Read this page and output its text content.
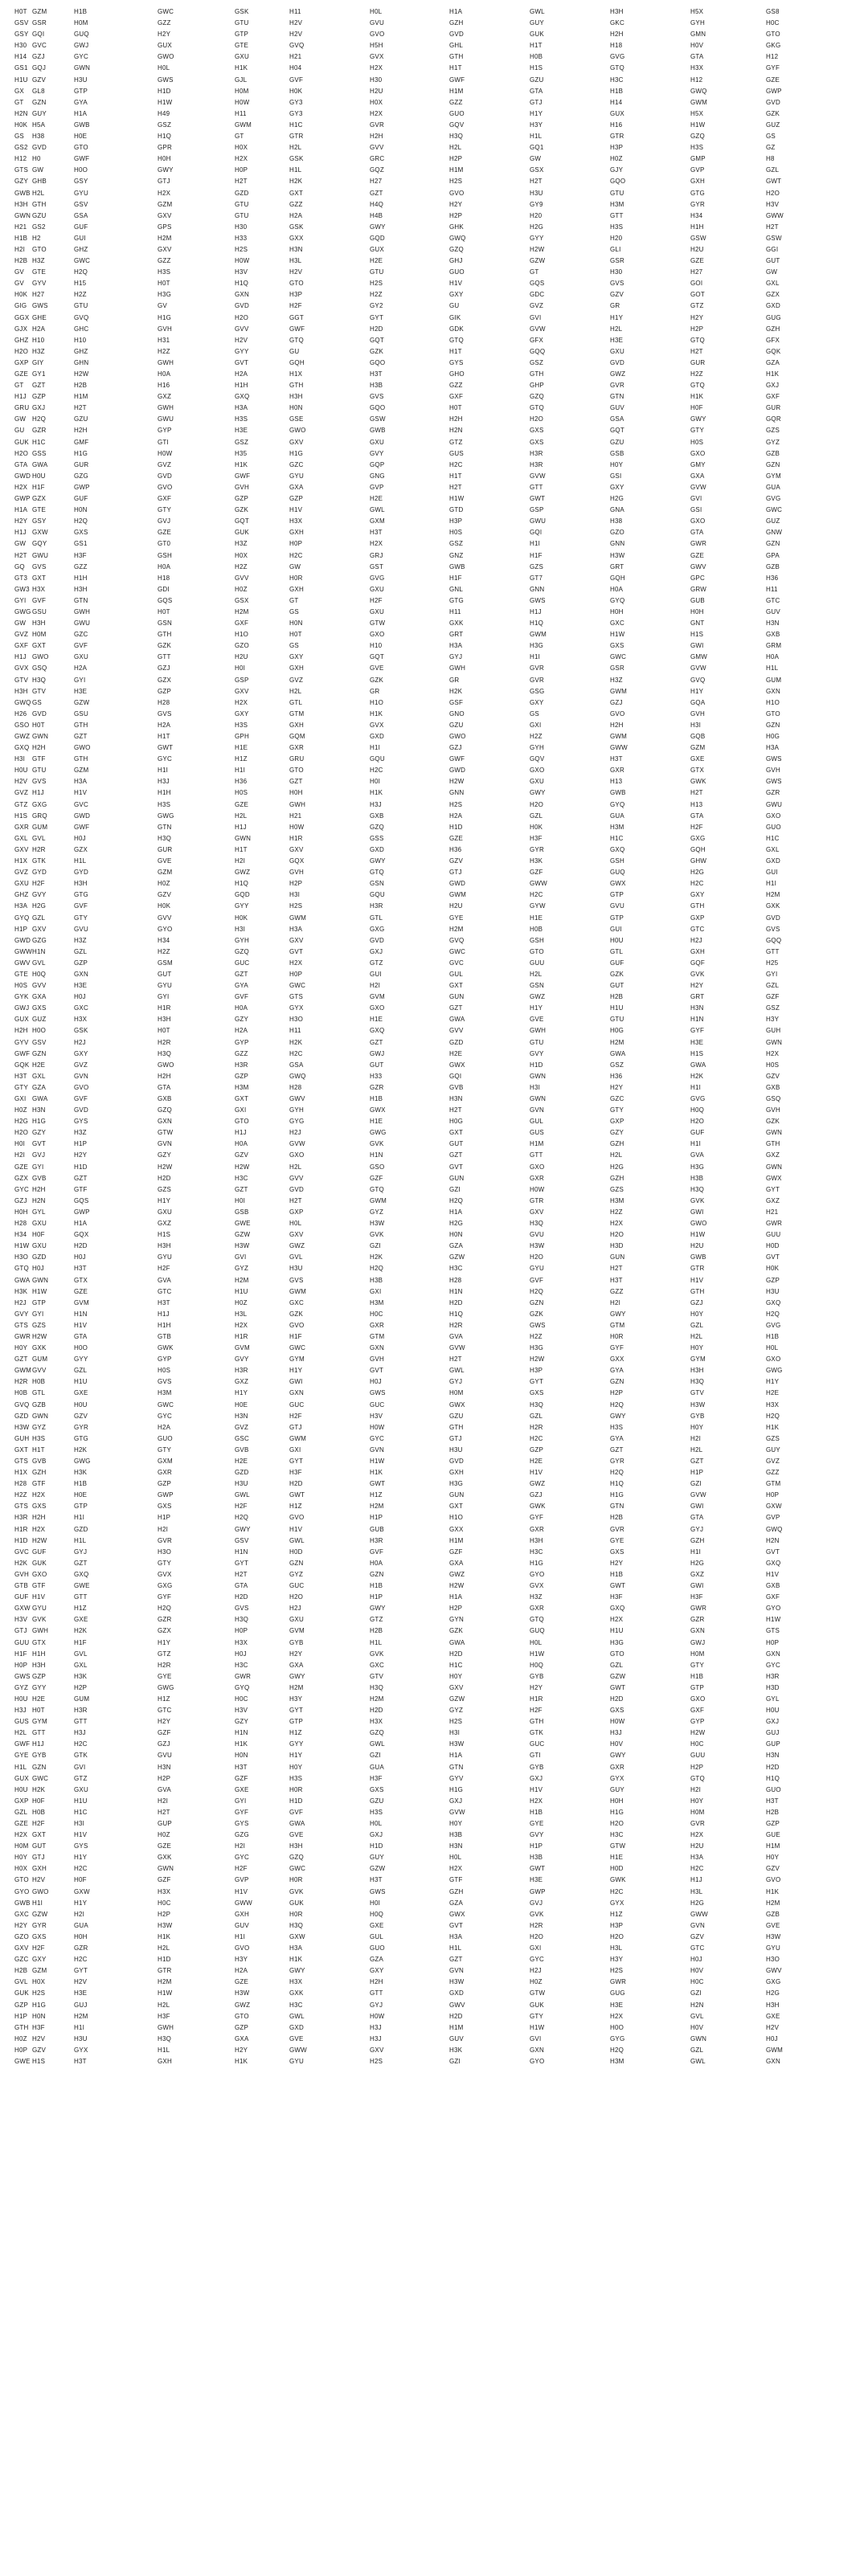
H0T GZM	H1B	GWC	GSK	H11	H0L	H1A	GWL	H3H	H5X	GS8
GSV GSR	H0M	GZZ	GTU	H2V	GVU	GZH	GUY	GKC	GYH	H0C
GSY GQI	GUQ	H2Y	GTP	H2V	GVO	GVD	GUK	H2H	GMN	GTO
H30 GVC	GWJ	GUX	GTE	GVQ	H5H	GHL	H1T	H18	H0V	GKG
H14 GZJ	GYC	GWO	GXU	H21	GVX	GTH	H0B	GVG	GTA	H12
GS1 GQJ	GWN	H0L	H1K	H04	H2X	H1T	H1S	GTQ	H3X	GYF
H1U GZV	H3U	GWS	GJL	GVF	H30	GWF	GZU	H3C	H12	GZE
GX	GL8	GTP	H1D	H0M	H0K	H2U	H1M	GTA	H1B	GWQ	GWP
GT	GZN	GYA	H1W	H0W	GY3	H0X	GZZ	GTJ	H14	GWM	GVD
H2N GUY	H1A	H49	H11	GY3	H2X	GUO	H1Y	GUX	H5X	GZK
H0K H5A	GWB	GSZ	GWM	H1C	GVR	GQV	H3Y	H16	H1W	GUZ
GS	H38	H0E	H1Q	GT	GTR	H2H	H3Q	H1L	GTR	GZQ	GS
GS2 GVD	GTO	GPR	H0X	H2L	GVV	H2L	GQ1	H3P	H3S	GZ
H12 H0	GWF	H0H	H2X	GSK	GRC	H2P	GW	H0Z	GMP	H8
GTS GW	H0O	GWY	H0P	H1L	GQZ	H1M	GSX	GJY	GVP	GZL
GZY GHB	GSY	GTJ	H2T	H2K	H27	H2S	H2T	GQO	GXH	GWT
GWB H2L	GYU	H2X	GZD	GXT	GZT	GVO	H3U	GTU	GTG	H2O
H3H GTH	GSV	GZM	GTU	GZZ	H4Q	H2Y	GY9	H3M	GYR	H3V
GWN GZU	GSA	GXV	GTU	H2A	H4B	H2P	H20	GTT	H34	GWW
H21 GS2	GUF	GPS	H30	GSK	GWY	GHK	H2G	H3S	H1H	H2T
H1B H2	GUI	H2M	H33	GXX	GQD	GWQ	GYY	H20	GSW	GSW
H2I	GTO	GHZ	GXV	H2S	H3N	GUX	GZQ	H2W	GLI	H2U	GGI
H2B H3Z	GWC	GZZ	H0W	H3L	H2E	GHJ	GZW	GSR	GZE	GUT
GV	GTE	H2Q	H3S	H3V	H2V	GTU	GUO	GT	H30	H27	GW
GV	GYV	H15	H0T	H1Q	GTO	H2S	H1V	GQS	GVS	GOI	GXL
H0K H27	H2Z	H3G	GXN	H3P	H2Z	GXY	GDC	GZV	GOT	GZX
GIG GWS	GTU	GV	GVD	H2F	GY2	GU	GVZ	GR	GTZ	GXD
GGX GHE	GVQ	H1G	H2O	GGT	GYT	GIK	GVI	H1Y	H2Y	GUG
GJX H2A	GHC	GVH	GVV	GWF	H2D	GDK	GVW	H2L	H2P	GZH
GHZ H10	H10	H31	H2V	GTQ	GQT	GTQ	GFX	H3E	GTQ	GFX
H2O H3Z	GHZ	H2Z	GYY	GU	GZK	H1T	GQQ	GXU	H2T	GQK
GXP GIY	GHN	GWH	GVT	GQH	GQO	GYS	GSZ	GVD	GUR	GZA
GZE GY1	H2W	H0A	H2A	H1X	H3T	GHO	GTH	GWZ	H2Z	H1K
GT	GZT	H2B	H16	H1H	GTH	H3B	GZZ	GHP	GVR	GTQ	GXJ
H1J GZP	H1M	GXZ	GXQ	H3H	GVS	GXF	GZQ	GTN	H1K	GXF
GRU GXJ	H2T	GWH	H3A	H0N	GQO	H0T	GTQ	GUV	H0F	GUR
GW H2Q	GZU	GWU	H3S	GSE	GSW	H2H	H2O	GSA	GWY	GQR
GU	GZR	H2H	GYP	H3E	GWO	GWB	H2N	GXS	GQT	GTY	GZS
GUK H1C	GMF	GTI	GSZ	GXV	GXU	GTZ	GXS	GZU	H0S	GYZ
H2O GSS	H1G	H0W	H35	H1G	GVY	GUS	H3R	GSB	GXO	GZB
GTA GWA	GUR	GVZ	H1K	GZC	GQP	H2C	H3R	H0Y	GMY	GZN
GWD H0U	GZG	GVD	GWF	GYU	GNG	H1T	GVW	GSI	GXA	GYM
H2X H1F	GWP	GVO	GVH	GXA	GVP	H2T	GTT	GXY	GVW	GUA
GWP GZX	GUF	GXF	GZP	GZP	H2E	H1W	GWT	H2G	GVI	GVG
H1A GTE	H0N	GTY	GZK	H1V	GWL	GTD	GSP	GNA	GSI	GWC
H2Y GSY	H2Q	GVJ	GQT	H3X	GXM	H3P	GWU	H38	GXO	GUZ
H1J GXW	GXS	GZE	GUK	GXH	H3T	H0S	GQI	GZO	GTA	GNW
GW GQY	GS1	GT0	H3Z	H0P	H2X	GSZ	H1I	GNN	GWR	GZN
H2T GWU	H3F	GSH	H0X	H2C	GRJ	GNZ	H1F	H3W	GZE	GPA
GQ	GVS	GZZ	H0A	H2Z	GW	GST	GWB	GZS	GRT	GWV	GZB
GT3 GXT	H1H	H18	GVV	H0R	GVG	H1F	GT7	GQH	GPC	H36
GW3 H3X	H3H	GDI	H0Z	GXH	GXU	GNL	GNN	H0A	GRW	H11
GYI GVF	GTN	GQS	GSX	GT	H2F	GTG	GWS	GYQ	GUB	GTC
GWG GSU	GWH	H0T	H2M	GS	GXU	H11	H1J	H0H	H0H	GUV
GW H3H	GWU	GSN	GXF	H0N	GTW	GXK	H1Q	GXC	GNT	H3N
GVZ H0M	GZC	GTH	H1O	H0T	GXO	GRT	GWM	H1W	H1S	GXB
GXF GXT	GVF	GZK	GZO	GS	H10	H3A	H3G	GXS	GWI	GRM
H1J GWO	GXU	GTT	H2U	GXY	GQT	GYJ	H1I	GWC	GMW	H0A
GVX GSQ	H2A	GZJ	H0I	GXH	GVE	GWH	GVR	GSR	GVW	H1L
GTV H3Q	GYI	GZX	GSP	GVZ	GZK	GR	GVR	H3Z	GVQ	GUM
H3H GTV	H3E	GZP	GXV	H2L	GR	H2K	GSG	GWM	H1Y	GXN
GWQ GS	GZW	H28	H2X	GTL	H1O	GSF	GXY	GZJ	GQA	H1O
H26 GVD	GSU	GVS	GXY	GTM	H1K	GNO	GS	GVO	GVH	GTO
GSO H0T	GTH	H2A	H3S	GXH	GVX	GZU	GXI	H2H	H3I	GZN
GWZ GWN	GZT	H1T	GPH	GQM	GXD	GWO	H2Z	GWM	GQB	H0G
GXQ H2H	GWO	GWT	H1E	GXR	H1I	GZJ	GYH	GWW	GZM	H3A
H3I	GTF	GTH	GYC	H1Z	GRU	GQU	GWF	GQV	H3T	GXE	GWS
H0U GTU	GZM	H1I	H1I	GTO	H2C	GWD	GXO	GXR	GTX	GVH
H2V GVS	H3A	H3J	H36	GZT	H0I	H2W	GXU	H13	GWK	GWS
GVZ H1J	H1V	H1H	H0S	H0H	H1K	GNN	GWY	GWB	H2T	GZR
GTZ GXG	GVC	H3S	GZE	GWH	H3J	H2S	H2O	GYQ	H13	GWU
H1S GRQ	GWD	GWG	H2L	H21	GXB	H2A	GZL	GUA	GTA	GXO
GXR GUM	GWF	GTN	H1J	H0W	GZQ	H1D	H0K	H3M	H2F	GUO
GXL GVL	H0J	H3Q	GWN	H1R	GSS	GZE	H3F	H1C	GXG	H1C
GXV H2R	GZX	GUR	H1T	GXV	GXD	H36	GYR	GXQ	GQH	GXL
H1X GTK	H1L	GVE	H2I	GQX	GWY	GZV	H3K	GSH	GHW	GXD
GVZ GYD	GYD	GZM	GWZ	GVH	GTQ	GTJ	GZF	GUQ	H2G	GUI
GXU H2F	H3H	H0Z	H1Q	H2P	GSN	GWD	GWW	GWX	H2C	H1I
GHZ GVY	GTG	GZV	GQD	H3I	GQU	GWM	H2C	GTP	GXY	H2M
H3A H2G	GVF	H0K	GYY	H2S	H3R	H2U	GYW	GVU	GTH	GXK
GYQ GZL	GTY	GVV	H0K	GWM	GTL	GYE	H1E	GTP	GXP	GVD
H1P GXV	GVU	GYO	H3I	H3A	GXG	H2M	H0B	GUI	GTC	GVS
GWD GZG	H3Z	H34	GYH	GXV	GVD	GVQ	GSH	H0U	H2J	GQQ
GWW H1N	GZL	H2Z	GZQ	GVT	GXJ	GWC	GTO	GTL	GXH	GTT
GWV GVL	GZP	GSM	GUC	H2X	GTZ	GVC	GUU	GUF	GQF	H25
GTE H0Q	GXN	GUT	GZT	H0P	GUI	GUL	H2L	GZK	GVK	GYI
H0S GVV	H3E	GYU	GYA	GWC	H2I	GXT	GSN	GUT	H2Y	GZL
GYK GXA	H0J	GYI	GVF	GTS	GVM	GUN	GWZ	H2B	GRT	GZF
GWJ GXS	GXC	H1R	H0A	GYX	GXO	GZT	H1Y	H1U	H3N	GSZ
GUX GUZ	H3X	H3H	GZY	H3O	H1E	GWA	GVE	GTU	H1N	H3Y
H2H H0O	GSK	H0T	H2A	H11	GXQ	GVV	GWH	H0G	GYF	GUH
GYV GSV	H2J	H2R	GYP	H2K	GZT	GZD	GTU	H2M	H3E	GWN
GWF GZN	GXY	H3Q	GZZ	H2C	GWJ	H2E	GVY	GWA	H1S	H2X
GQK H2E	GVZ	GWO	H3R	GSA	GUT	GWX	H1D	GSZ	GWA	H0S
H3T GXL	GVN	H2H	GZP	GWQ	H33	GQI	GWN	H36	H2K	GZV
GTY GZA	GVO	GTA	H3M	H28	GZR	GVB	H3I	H2Y	H1I	GXB
GXI GWA	GVF	GXB	GXT	GWV	H1B	H3N	GWN	GZC	GVG	GSQ
H0Z H3N	GVD	GZQ	GXI	GYH	GWX	H2T	GVN	GTY	H0Q	GVH
H2G H1G	GYS	GXN	GTO	GYG	H1E	H0G	GUL	GXP	H2O	GZK
H2O GZY	H3Z	GTW	H1J	H2J	GWG	GXT	GUS	GZY	GUF	GWN
H0I	GVT	H1P	GVN	H0A	GVW	GVK	GUT	H1M	GZH	H1I	GTH
H2I	GVJ	H2Y	GZY	GZV	GXO	H1N	GZT	GTT	H2L	GVA	GXZ
GZE GYI	H1D	H2W	H2W	H2L	GSO	GVT	GXO	H2G	H3G	GWN
GZX GVB	GZT	H2D	H3C	GVV	GZF	GUN	GXR	GZH	H3B	GWX
GYC H2H	GTF	GZS	GZT	GVD	GTQ	GZI	H0W	GZS	H3Q	GYT
GZJ H2N	GQS	H1Y	H0I	H2T	GWM	H2Q	GTR	H3M	GVK	GXZ
H0H GYL	GWP	GXU	GSB	GXP	GYZ	H1A	GXV	H2Z	GWI	H21
H28 GXU	H1A	GXZ	GWE	H0L	H3W	H2G	H3Q	H2X	GWO	GWR
H34 H0F	GQX	H1S	GZW	GXV	GVK	H0N	GVU	H2O	H1W	GUU
H1W GXU	H2D	H3H	H3W	GWZ	GZI	GZA	H3W	H3D	H2U	H0D
H3O GZD	H0J	GYU	GVI	GVL	H2K	GZW	H2O	GUN	GWB	GVT
GTQ H0J	H3T	H2F	GYZ	H3U	H2Q	H3C	GYU	H2T	GTR	H0K
GWA GWN	GTX	GVA	H2M	GVS	H3B	H28	GVF	H3T	H1V	GZP
H3K H1W	GZE	GTC	H1U	GWM	GXI	H1N	H2Q	GZZ	GTH	H3U
H2J GTP	GVM	H3T	H0Z	GXC	H3M	H2D	GZN	H2I	GZJ	GXQ
GVY GYI	H1N	H1J	H3L	GZK	H0C	H1Q	GZK	GWY	H0Y	H2Q
GTS GZS	H1V	H1H	H2X	GVO	GXR	H2R	GWS	GTM	GZL	GVG
GWR H2W	GTA	GTB	H1R	H1F	GTM	GVA	H2Z	H0R	H2L	H1B
H0Y GXK	H0O	GWK	GVM	GWC	GXN	GVW	H3G	GYF	H0Y	H0L
GZT GUM	GYY	GYP	GVY	GYM	GVH	H2T	H2W	GXX	GYM	GXO
GWM GVV	GZL	H0S	H3R	H1Y	GVT	GWL	H3P	GYA	H3H	GWG
H2R H0B	H1U	GVS	GXZ	GWI	H0J	GYJ	GYT	GZN	H3Q	H1Y
H0B GTL	GXE	H3M	H1Y	GXN	GWS	H0M	GXS	H2P	GTV	H2E
GVQ GZB	H0U	GWC	H0E	GUC	GUC	GWX	H3Q	H2Q	H3W	H3X
GZD GWN	GZV	GYC	H3N	H2F	H3V	GZU	GZL	GWY	GYB	H2Q
H3W GYZ	GYR	H2A	GVZ	GTJ	H0W	GTH	H2R	H3S	H0Y	H1K
GUH H3S	GTG	GUO	GSC	GWM	GYC	GTJ	H2C	GYA	H2I	GZS
GXT H1T	H2K	GTY	GVB	GXI	GVN	H3U	GZP	GZT	H2L	GUY
GTS GVB	GWG	GXM	H2E	GYT	H1W	GVD	H2E	GYR	GZT	GVZ
H1X GZH	H3K	GXR	GZD	H3F	H1K	GXH	H1V	H2Q	H1P	GZZ
H28 GTF	H1B	GZP	H3U	H2D	GWT	H3G	GWZ	H1Q	GZI	GTM
H2Z H2X	H0E	GWP	GWL	GWT	H1Z	GUN	GZJ	H1G	GVW	H0P
GTS GXS	GTP	GXS	H2F	H1Z	H2M	GXT	GWK	GTN	GWI	GXW
H3R H2H	H1I	H1P	H2Q	GVO	H1P	H1O	GYF	H2B	GTA	GVP
H1R H2X	GZD	H2I	GWY	H1V	GUB	GXX	GXR	GVR	GYJ	GWQ
H1D H2W	H1L	GVR	GSV	GWL	H3R	H1M	H3H	GYE	GZH	H2N
GVC GUF	GYJ	H3O	H1N	H0D	GVF	GZF	H3C	GXS	H1I	GVT
H2K GUK	GZT	GTY	GYT	GZN	H0A	GXA	H1G	H2Y	H2G	GXQ
GVH GXO	GXQ	GVX	H2T	GYZ	GZN	GWZ	GYO	H1B	GXZ	H1V
GTB GTF	GWE	GXG	GTA	GUC	H1B	H2W	GVX	GWT	GWI	GXB
GUF H1V	GTT	GYF	H2D	H2O	H1P	H1A	H3Z	H3F	H3F	GXF
GXW GYU	H1Z	H2Q	GVS	H2J	GWY	H2P	GXR	GXQ	GWR	GYO
H3V GVK	GXE	GZR	H3Q	GXU	GTZ	GYN	GTQ	H2X	GZR	H1W
GTJ GWH	H2K	GZX	H0P	GVM	H2B	GZK	GUQ	H1U	GXN	GTS
GUU GTX	H1F	H1Y	H3X	GYB	H1L	GWA	H0L	H3G	GWJ	H0P
H1F H1H	GVL	GTZ	H0J	H2Y	GVK	H2D	H1W	GTO	H0M	GXN
H0P H3H	GXL	H2R	H3C	GXA	GXC	H1C	H0Q	GZL	GTY	GYC
GWS GZP	H3K	GYE	GWR	GWY	GTV	H0Y	GYB	GZW	H1B	H3R
GYZ GYY	H2P	GWG	GYQ	H2M	H3Q	GXV	H2Y	GWT	GTP	H3D
H0U H2E	GUM	H1Z	H0C	H3Y	H2M	GZW	H1R	H2D	GXO	GYL
H3J H0T	H3R	GTC	H3V	GYT	H2D	GYZ	H2F	GXS	GXF	H0U
GUS GYM	GTT	H2Y	GZY	GTP	H3X	H2S	GTH	H0W	GYP	GXJ
H2L GTT	H3J	GZF	H1N	H1Z	GZQ	H3I	GTK	H3J	H2W	GUJ
GWF H1J	H2C	GZJ	H1K	GYY	GWL	H3W	GUC	H0V	H0C	GUP
GYE GYB	GTK	GVU	H0N	H1Y	GZI	H1A	GTI	GWY	GUU	H3N
H1L GZN	GVI	H3N	H3T	H0Y	GUA	GTN	GYB	GXR	H2P	H2D
GUX GWC	GTZ	H2P	GZF	H3S	H3F	GYV	GXJ	GYX	GTQ	H1Q
H0U H2K	GXU	GVA	GXE	H0R	GXS	H1G	H1V	GUY	H2I	GUO
GXP H0F	H1U	H2I	GYI	H1D	GZU	GXJ	H2X	H0H	H0Y	H3T
GZL H0B	H1C	H2T	GYF	GVF	H3S	GVW	H1B	H1G	H0M	H2B
GZE H2F	H3I	GUP	GYS	GWA	H0L	H0Y	GYE	H2O	GVR	GZP
H2X GXT	H1V	H0Z	GZG	GVE	GXJ	H3B	GVY	H3C	H2X	GUE
H0M GUT	GYS	GZE	H2I	H3H	H1D	H3N	H1P	GTW	H2U	H1M
H0Y GTJ	H1Y	GXK	GYC	GZQ	GUY	H0L	H3B	H1E	H3A	H0Y
H0X GXH	H2C	GWN	H2F	GWC	GZW	H2X	GWT	H0D	H2C	GZV
GTO H2V	H0F	GZF	GVP	H0R	H3T	GTF	H3E	GWK	H1J	GVO
GYO GWO	GXW	H3X	H1V	GVK	GWS	GZH	GWP	H2C	H3L	H1K
GWB H1I	H1Y	H0C	GWW	GUK	H0I	GZA	GVJ	GYX	H2G	H2M
GXC GZW	H2I	H2P	GXH	H0R	H0Q	GWX	GVK	H1Z	GWW	GZB
H2Y GYR	GUA	H3W	GUV	H3Q	GXE	GVT	H2R	H3P	GVN	GVE
GZO GXS	H0H	H1K	H1I	GXW	GUL	H3A	H2O	H2O	GZV	H3W
GXV H2F	GZR	H2L	GVO	H3A	GUO	H1L	GXI	H3L	GTC	GYU
GZC GXY	H2C	H1D	H3Y	H1K	GZA	GZT	GYC	H3Y	H0J	H3O
H2B GZM	GYT	GTR	H2A	GWY	GXY	GVN	H2J	H2S	H0V	GWV
GVL H0X	H2V	H2M	GZE	H3X	H2H	H3W	H0Z	GWR	H0C	GXG
GUK H2S	H3E	H1W	H3W	GXK	GTT	GXD	GTW	GUG	GZI	H2G
GZP H1G	GUJ	H2L	GWZ	H3C	GYJ	GWV	GUK	H3E	H2N	H3H
H1P H0N	H2M	H3F	GTO	GWL	H0W	H2D	GTY	H2X	GVL	GXE
GTH H3F	H1I	GWH	GZP	GXD	H3J	H1M	H1W	H0O	H0V	H2V
H0Z H2V	H3U	H3Q	GXA	GVE	H3J	GUV	GVI	GYG	GWN	H0J
H0P GZV	GYX	H1L	H2Y	GWW	GXV	H3K	GXN	H2Q	GZL	GWM
GWE H1S	H3T	GXH	H1K	GYU	H2S	GZI	GYO	H3M	GWL	GXN
